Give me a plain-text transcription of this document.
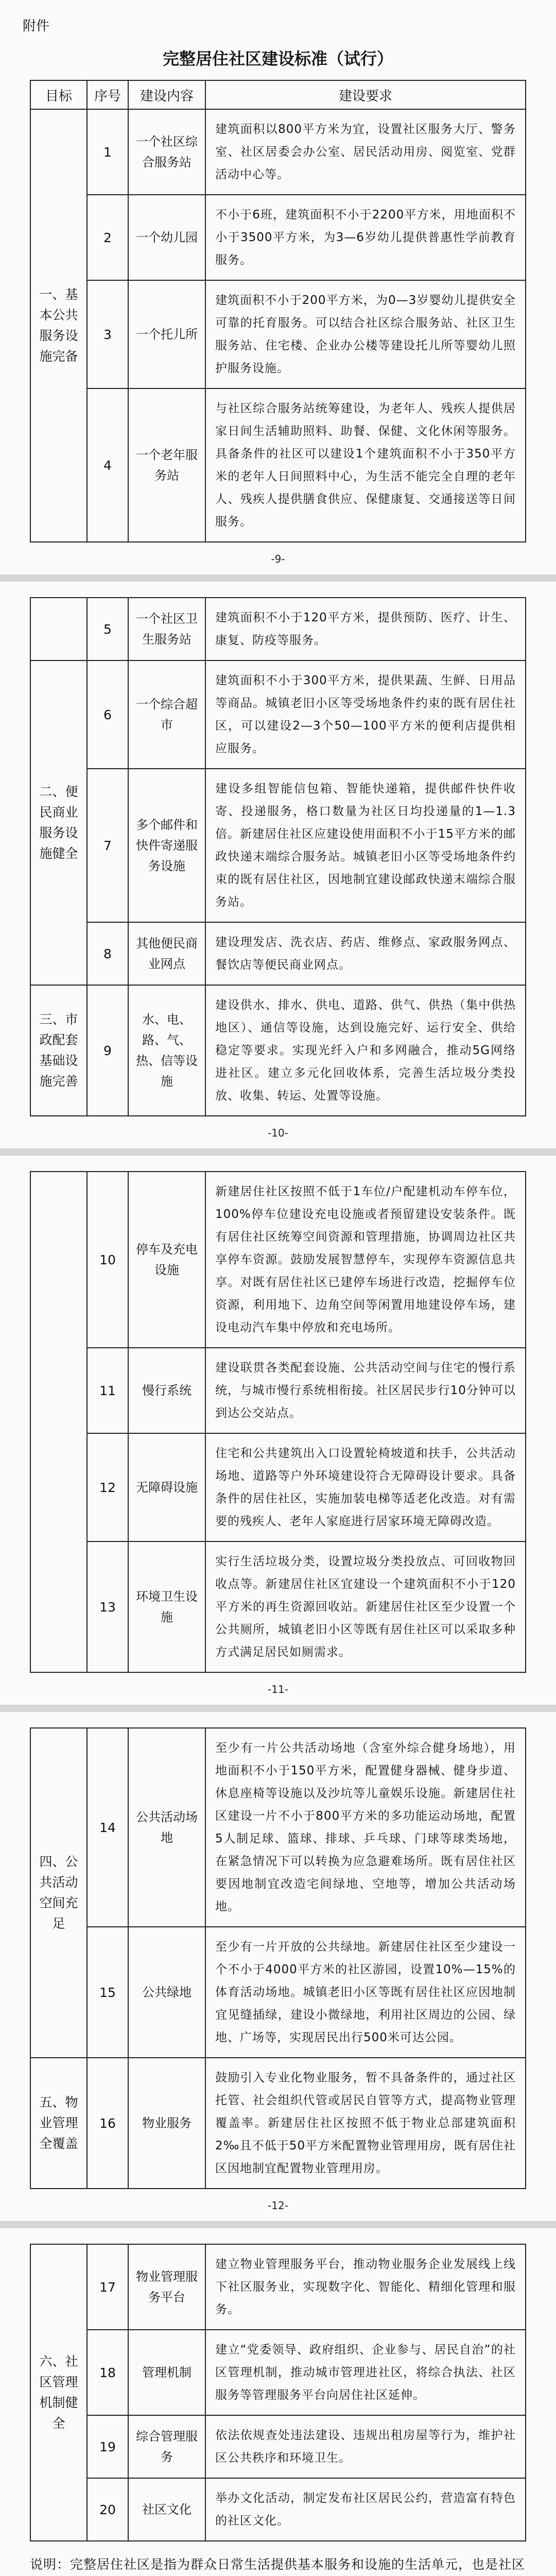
附件
完整居住社区建设标准（试行）
目标	序号	建设内容	建设要求
一、基本公共服务设施完备	1	一个社区综合服务站	建筑面积以800平方米为宜，设置社区服务大厅、警务室、社区居委会办公室、居民活动用房、阅览室、党群活动中心等。
	2	一个幼儿园	不小于6班，建筑面积不小于2200平方米，用地面积不小于3500平方米，为3—6岁幼儿提供普惠性学前教育服务。
	3	一个托儿所	建筑面积不小于200平方米，为0—3岁婴幼儿提供安全可靠的托育服务。可以结合社区综合服务站、社区卫生服务站、住宅楼、企业办公楼等建设托儿所等婴幼儿照护服务设施。
	4	一个老年服务站	与社区综合服务站统筹建设，为老年人、残疾人提供居家日间生活辅助照料、助餐、保健、文化休闲等服务。具备条件的社区可以建设1个建筑面积不小于350平方米的老年人日间照料中心，为生活不能完全自理的老年人、残疾人提供膳食供应、保健康复、交通接送等日间服务。
-9-
	5	一个社区卫生服务站	建筑面积不小于120平方米，提供预防、医疗、计生、康复、防疫等服务。
二、便民商业服务设施健全	6	一个综合超市	建筑面积不小于300平方米，提供果蔬、生鲜、日用品等商品。城镇老旧小区等受场地条件约束的既有居住社区，可以建设2—3个50—100平方米的便利店提供相应服务。
	7	多个邮件和快件寄递服务设施	建设多组智能信包箱、智能快递箱，提供邮件快件收寄、投递服务，格口数量为社区日均投递量的1—1.3倍。新建居住社区应建设使用面积不小于15平方米的邮政快递末端综合服务站。城镇老旧小区等受场地条件约束的既有居住社区，因地制宜建设邮政快递末端综合服务站。
	8	其他便民商业网点	建设理发店、洗衣店、药店、维修点、家政服务网点、餐饮店等便民商业网点。
三、市政配套基础设施完善	9	水、电、路、气、热、信等设施	建设供水、排水、供电、道路、供气、供热（集中供热地区）、通信等设施，达到设施完好、运行安全、供给稳定等要求。实现光纤入户和多网融合，推动5G网络进社区。建立多元化回收体系，完善生活垃圾分类投放、收集、转运、处置等设施。
-10-
	10	停车及充电设施	新建居住社区按照不低于1车位/户配建机动车停车位，100%停车位建设充电设施或者预留建设安装条件。既有居住社区统筹空间资源和管理措施，协调周边社区共享停车资源。鼓励发展智慧停车，实现停车资源信息共享。对既有居住社区已建停车场进行改造，挖掘停车位资源，利用地下、边角空间等闲置用地建设停车场，建设电动汽车集中停放和充电场所。
	11	慢行系统	建设联贯各类配套设施、公共活动空间与住宅的慢行系统，与城市慢行系统相衔接。社区居民步行10分钟可以到达公交站点。
	12	无障碍设施	住宅和公共建筑出入口设置轮椅坡道和扶手，公共活动场地、道路等户外环境建设符合无障碍设计要求。具备条件的居住社区，实施加装电梯等适老化改造。对有需要的残疾人、老年人家庭进行居家环境无障碍改造。
	13	环境卫生设施	实行生活垃圾分类，设置垃圾分类投放点、可回收物回收点等。新建居住社区宜建设一个建筑面积不小于120平方米的再生资源回收站。新建居住社区至少设置一个公共厕所，城镇老旧小区等既有居住社区可以采取多种方式满足居民如厕需求。
-11-
四、公共活动空间充足	14	公共活动场地	至少有一片公共活动场地（含室外综合健身场地），用地面积不小于150平方米，配置健身器械、健身步道、休息座椅等设施以及沙坑等儿童娱乐设施。新建居住社区建设一片不小于800平方米的多功能运动场地，配置5人制足球、篮球、排球、乒乓球、门球等球类场地，在紧急情况下可以转换为应急避难场所。既有居住社区要因地制宜改造宅间绿地、空地等，增加公共活动场地。
	15	公共绿地	至少有一片开放的公共绿地。新建居住社区至少建设一个不小于4000平方米的社区游园，设置10%—15%的体育活动场地。城镇老旧小区等既有居住社区应因地制宜见缝插绿，建设小微绿地，利用社区周边的公园、绿地、广场等，实现居民出行500米可达公园。
五、物业管理全覆盖	16	物业服务	鼓励引入专业化物业服务，暂不具备条件的，通过社区托管、社会组织代管或居民自管等方式，提高物业管理覆盖率。新建居住社区按照不低于物业总部建筑面积2‰且不低于50平方米配置物业管理用房，既有居住社区因地制宜配置物业管理用房。
-12-
六、社区管理机制健全	17	物业管理服务平台	建立物业管理服务平台，推动物业服务企业发展线上线下社区服务业，实现数字化、智能化、精细化管理和服务。
	18	管理机制	建立“党委领导、政府组织、企业参与、居民自治”的社区管理机制，推动城市管理进社区，将综合执法、社区服务等管理服务平台向居住社区延伸。
	19	综合管理服务	依法依规查处违法建设、违规出租房屋等行为，维护社区公共秩序和环境卫生。
	20	社区文化	举办文化活动，制定发布社区居民公约，营造富有特色的社区文化。
说明：完整居住社区是指为群众日常生活提供基本服务和设施的生活单元，也是社区
